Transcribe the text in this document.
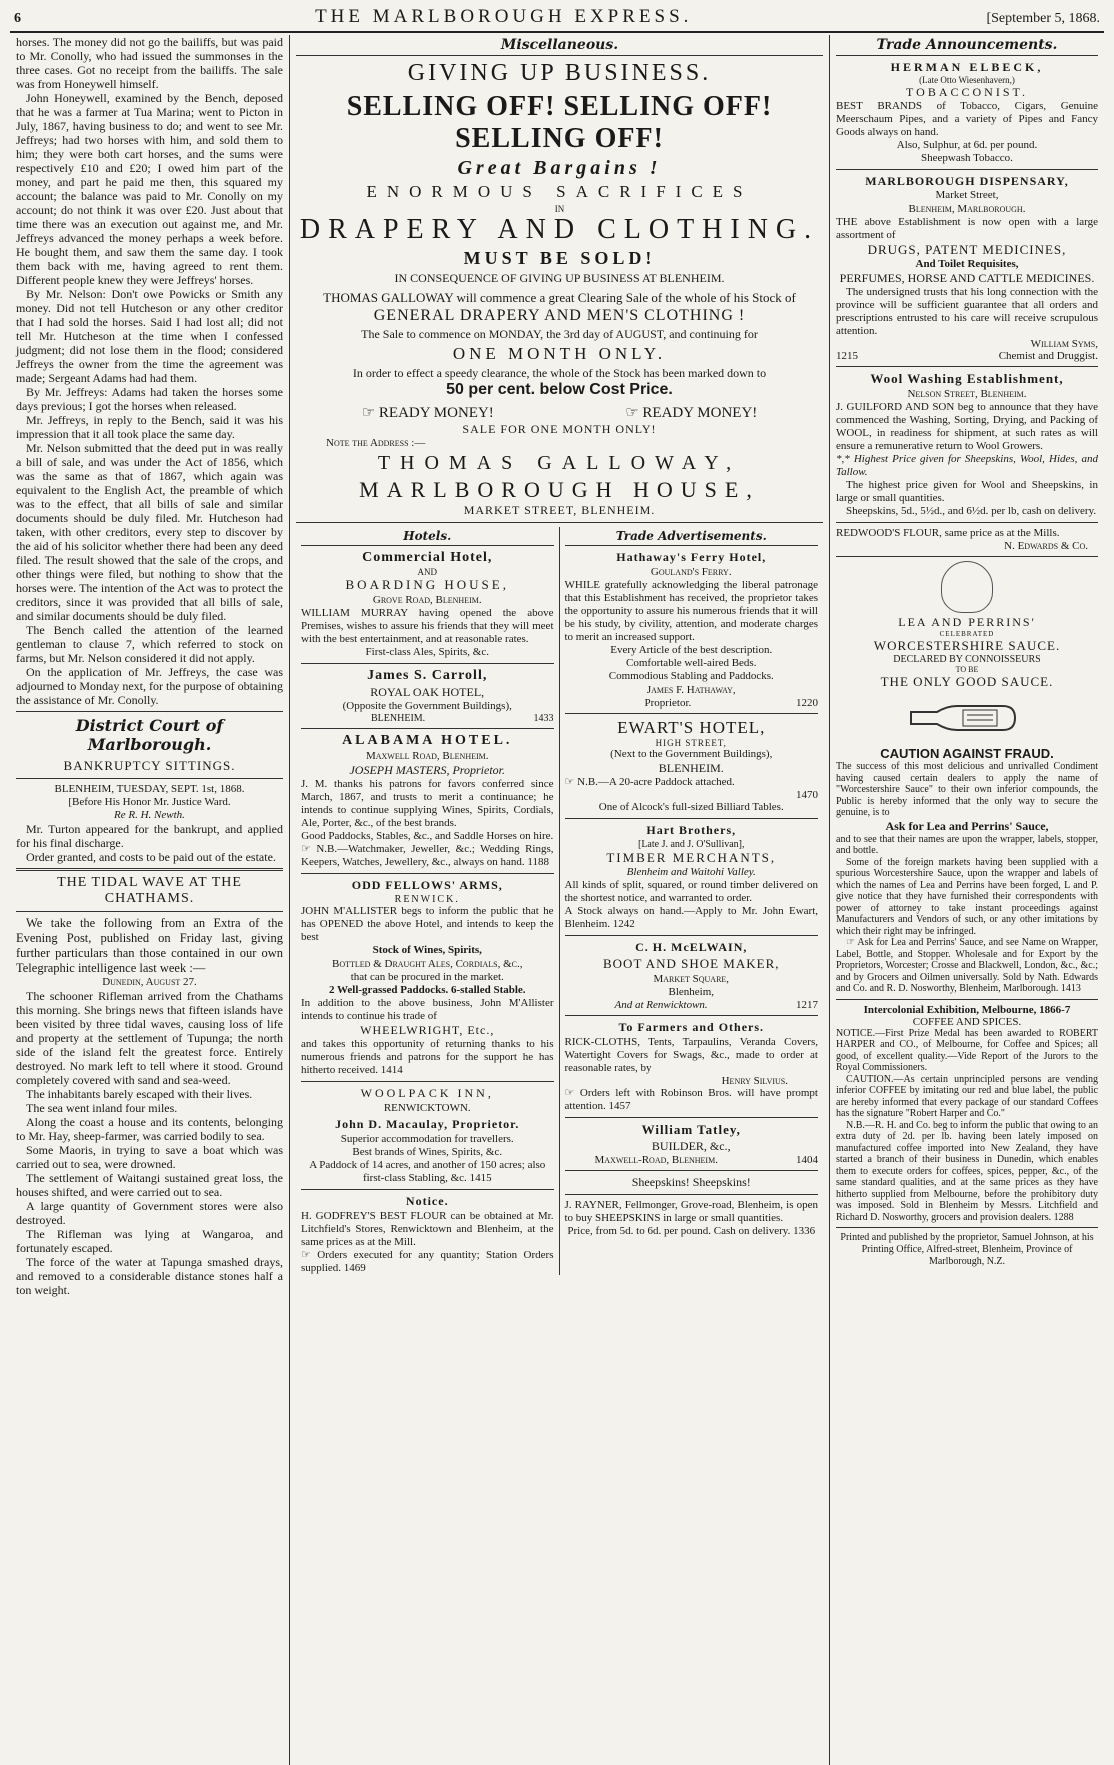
6	THE MARLBOROUGH EXPRESS.	[September 5, 1868.

horses. The money did not go the bailiffs, but was paid to Mr. Conolly, who had issued the summonses in the three cases. Got no receipt from the bailiffs. The sale was from Honeywell himself.

John Honeywell, examined by the Bench, deposed that he was a farmer at Tua Marina; went to Picton in July, 1867, having business to do; and went to see Mr. Jeffreys; had two horses with him, and sold them to him; they were both cart horses, and the sums were respectively £10 and £20; I owed him part of the money, and part he paid me then, this squared my account; the balance was paid to Mr. Conolly on my account; do not think it was over £20. Just about that time there was an execution out against me, and Mr. Jeffreys advanced the money perhaps a week before. He bought them, and saw them the same day. I took them back with me, having agreed to rent them. Different people knew they were Jeffreys' horses.

By Mr. Nelson: Don't owe Powicks or Smith any money. Did not tell Hutcheson or any other creditor that I had sold the horses. Said I had lost all; did not tell Mr. Hutcheson at the time when I confessed judgment; did not lose them in the flood; considered Jeffreys the owner from the time the agreement was made; Sergeant Adams had had them.

By Mr. Jeffreys: Adams had taken the horses some days previous; I got the horses when released.

Mr. Jeffreys, in reply to the Bench, said it was his impression that it all took place the same day.

Mr. Nelson submitted that the deed put in was really a bill of sale, and was under the Act of 1856, which was the same as that of 1867, which again was equivalent to the English Act, the preamble of which was to the effect, that all bills of sale and similar documents should be duly filed. Mr. Hutcheson had taken, with other creditors, every step to discover by the aid of his solicitor whether there had been any deed filed. The result showed that the sale of the crops, and other things were filed, but nothing to show that the horses were. The intention of the Act was to protect the creditors, since it was provided that all bills of sale, and similar documents should be duly filed.

The Bench called the attention of the learned gentleman to clause 7, which referred to stock on farms, but Mr. Nelson considered it did not apply.

On the application of Mr. Jeffreys, the case was adjourned to Monday next, for the purpose of obtaining the assistance of Mr. Conolly.

District Court of Marlborough.
BANKRUPTCY SITTINGS.
BLENHEIM, TUESDAY, SEPT. 1st, 1868.
[Before His Honor Mr. Justice Ward.
Re R. H. Newth.

Mr. Turton appeared for the bankrupt, and applied for his final discharge.

Order granted, and costs to be paid out of the estate.

THE TIDAL WAVE AT THE CHATHAMS.

We take the following from an Extra of the Evening Post, published on Friday last, giving further particulars than those contained in our own Telegraphic intelligence last week :—

Dunedin, August 27.

The schooner Rifleman arrived from the Chathams this morning. She brings news that fifteen islands have been visited by three tidal waves, causing loss of life and property at the settlement of Tupunga; the north side of the island felt the greatest force. Entirely destroyed. No mark left to tell where it stood. Ground completely covered with sand and sea-weed.

The inhabitants barely escaped with their lives.

The sea went inland four miles.

Along the coast a house and its contents, belonging to Mr. Hay, sheep-farmer, was carried bodily to sea.

Some Maoris, in trying to save a boat which was carried out to sea, were drowned.

The settlement of Waitangi sustained great loss, the houses shifted, and were carried out to sea.

A large quantity of Government stores were also destroyed.

The Rifleman was lying at Wangaroa, and fortunately escaped.

The force of the water at Tapunga smashed drays, and removed to a considerable distance stones half a ton weight.

Miscellaneous.
GIVING UP BUSINESS.
SELLING OFF! SELLING OFF! SELLING OFF!
Great Bargains !
ENORMOUS SACRIFICES
IN
DRAPERY AND CLOTHING.
MUST BE SOLD!
IN CONSEQUENCE OF GIVING UP BUSINESS AT BLENHEIM.

THOMAS GALLOWAY will commence a great Clearing Sale of the whole of his Stock of

GENERAL DRAPERY AND MEN'S CLOTHING !
The Sale to commence on MONDAY, the 3rd day of AUGUST, and continuing for
ONE MONTH ONLY.
In order to effect a speedy clearance, the whole of the Stock has been marked down to
50 per cent. below Cost Price.
☞ READY MONEY!	☞ READY MONEY!
SALE FOR ONE MONTH ONLY!
Note the Address :—
THOMAS GALLOWAY,
MARLBOROUGH HOUSE,
MARKET STREET, BLENHEIM.
Hotels.
Commercial Hotel,
AND
BOARDING HOUSE,
Grove Road, Blenheim.

WILLIAM MURRAY having opened the above Premises, wishes to assure his friends that they will meet with the best entertainment, and at reasonable rates.

First-class Ales, Spirits, &c.
James S. Carroll,
ROYAL OAK HOTEL,
(Opposite the Government Buildings),
BLENHEIM.	1433
ALABAMA HOTEL.
Maxwell Road, Blenheim.
JOSEPH MASTERS, Proprietor.

J. M. thanks his patrons for favors conferred since March, 1867, and trusts to merit a continuance; he intends to continue supplying Wines, Spirits, Cordials, Ale, Porter, &c., of the best brands.

Good Paddocks, Stables, &c., and Saddle Horses on hire.

☞ N.B.—Watchmaker, Jeweller, &c.; Wedding Rings, Keepers, Watches, Jewellery, &c., always on hand. 1188

ODD FELLOWS' ARMS,
RENWICK.

JOHN M'ALLISTER begs to inform the public that he has OPENED the above Hotel, and intends to keep the best

Stock of Wines, Spirits,
Bottled & Draught Ales, Cordials, &c.,
that can be procured in the market.
2 Well-grassed Paddocks. 6-stalled Stable.

In addition to the above business, John M'Allister intends to continue his trade of

WHEELWRIGHT, Etc.,

and takes this opportunity of returning thanks to his numerous friends and patrons for the support he has hitherto received. 1414

WOOLPACK INN,
RENWICKTOWN.
John D. Macaulay, Proprietor.
Superior accommodation for travellers.
Best brands of Wines, Spirits, &c.

A Paddock of 14 acres, and another of 150 acres; also first-class Stabling, &c. 1415

Notice.

H. GODFREY'S BEST FLOUR can be obtained at Mr. Litchfield's Stores, Renwicktown and Blenheim, at the same prices as at the Mill.

☞ Orders executed for any quantity; Station Orders supplied. 1469

Trade Advertisements.
Hathaway's Ferry Hotel,
Gouland's Ferry.

WHILE gratefully acknowledging the liberal patronage that this Establishment has received, the proprietor takes the opportunity to assure his numerous friends that it will be his study, by civility, attention, and moderate charges to merit an increased support.

Every Article of the best description.
Comfortable well-aired Beds.
Commodious Stabling and Paddocks.
James F. Hathaway,
Proprietor.	1220
EWART'S HOTEL,
HIGH STREET,
(Next to the Government Buildings),
BLENHEIM.
☞ N.B.—A 20-acre Paddock attached.

1470

One of Alcock's full-sized Billiard Tables.
Hart Brothers,
[Late J. and J. O'Sullivan],
TIMBER MERCHANTS,
Blenheim and Waitohi Valley.

All kinds of split, squared, or round timber delivered on the shortest notice, and warranted to order.

A Stock always on hand.—Apply to Mr. John Ewart, Blenheim. 1242

C. H. McELWAIN,
BOOT AND SHOE MAKER,
Market Square,
Blenheim,
And at Renwicktown.	1217
To Farmers and Others.

RICK-CLOTHS, Tents, Tarpaulins, Veranda Covers, Watertight Covers for Swags, &c., made to order at reasonable rates, by

Henry Silvius.

☞ Orders left with Robinson Bros. will have prompt attention. 1457

William Tatley,
BUILDER, &c.,
Maxwell-Road, Blenheim.	1404
Sheepskins! Sheepskins!

J. RAYNER, Fellmonger, Grove-road, Blenheim, is open to buy SHEEPSKINS in large or small quantities.

Price, from 5d. to 6d. per pound. Cash on delivery. 1336

Trade Announcements.
HERMAN ELBECK,
(Late Otto Wiesenhavern,)
TOBACCONIST.

BEST BRANDS of Tobacco, Cigars, Genuine Meerschaum Pipes, and a variety of Pipes and Fancy Goods always on hand.

Also, Sulphur, at 6d. per pound.
Sheepwash Tobacco.
MARLBOROUGH DISPENSARY,
Market Street,
Blenheim, Marlborough.

THE above Establishment is now open with a large assortment of

DRUGS, PATENT MEDICINES,
And Toilet Requisites,
PERFUMES, HORSE AND CATTLE MEDICINES.

The undersigned trusts that his long connection with the province will be sufficient guarantee that all orders and prescriptions entrusted to his care will receive scrupulous attention.

William Syms,
1215	Chemist and Druggist.
Wool Washing Establishment,
Nelson Street, Blenheim.

J. GUILFORD AND SON beg to announce that they have commenced the Washing, Sorting, Drying, and Packing of WOOL, in readiness for shipment, at such rates as will ensure a remunerative return to Wool Growers.

*,* Highest Price given for Sheepskins, Wool, Hides, and Tallow.

The highest price given for Wool and Sheepskins, in large or small quantities.

Sheepskins, 5d., 5½d., and 6½d. per lb, cash on delivery.

REDWOOD'S FLOUR, same price as at the Mills.

N. Edwards & Co.
LEA AND PERRINS'
CELEBRATED
WORCESTERSHIRE SAUCE.
DECLARED BY CONNOISSEURS
TO BE
THE ONLY GOOD SAUCE.
CAUTION AGAINST FRAUD.

The success of this most delicious and unrivalled Condiment having caused certain dealers to apply the name of "Worcestershire Sauce" to their own inferior compounds, the Public is hereby informed that the only way to secure the genuine, is to

Ask for Lea and Perrins' Sauce,

and to see that their names are upon the wrapper, labels, stopper, and bottle.

Some of the foreign markets having been supplied with a spurious Worcestershire Sauce, upon the wrapper and labels of which the names of Lea and Perrins have been forged, L and P. give notice that they have furnished their correspondents with power of attorney to take instant proceedings against Manufacturers and Vendors of such, or any other imitations by which their right may be infringed.

☞ Ask for Lea and Perrins' Sauce, and see Name on Wrapper, Label, Bottle, and Stopper. Wholesale and for Export by the Proprietors, Worcester; Crosse and Blackwell, London, &c., &c.; and by Grocers and Oilmen universally. Sold by Nath. Edwards and Co. and R. D. Nosworthy, Blenheim, Marlborough. 1413

Intercolonial Exhibition, Melbourne, 1866-7
COFFEE AND SPICES.

NOTICE.—First Prize Medal has been awarded to ROBERT HARPER and CO., of Melbourne, for Coffee and Spices; all good, of excellent quality.—Vide Report of the Jurors to the Royal Commissioners.

CAUTION.—As certain unprincipled persons are vending inferior COFFEE by imitating our red and blue label, the public are hereby informed that every package of our standard Coffees has the signature "Robert Harper and Co."

N.B.—R. H. and Co. beg to inform the public that owing to an extra duty of 2d. per lb. having been lately imposed on manufactured coffee imported into New Zealand, they have started a branch of their business in Dunedin, which enables them to execute orders for coffees, spices, pepper, &c., of the same standard qualities, and at the same prices as they have hitherto supplied from Melbourne, before the prohibitory duty was imposed. Sold in Blenheim by Messrs. Litchfield and Richard D. Nosworthy, grocers and provision dealers. 1288

Printed and published by the proprietor, Samuel Johnson, at his Printing Office, Alfred-street, Blenheim, Province of Marlborough, N.Z.
